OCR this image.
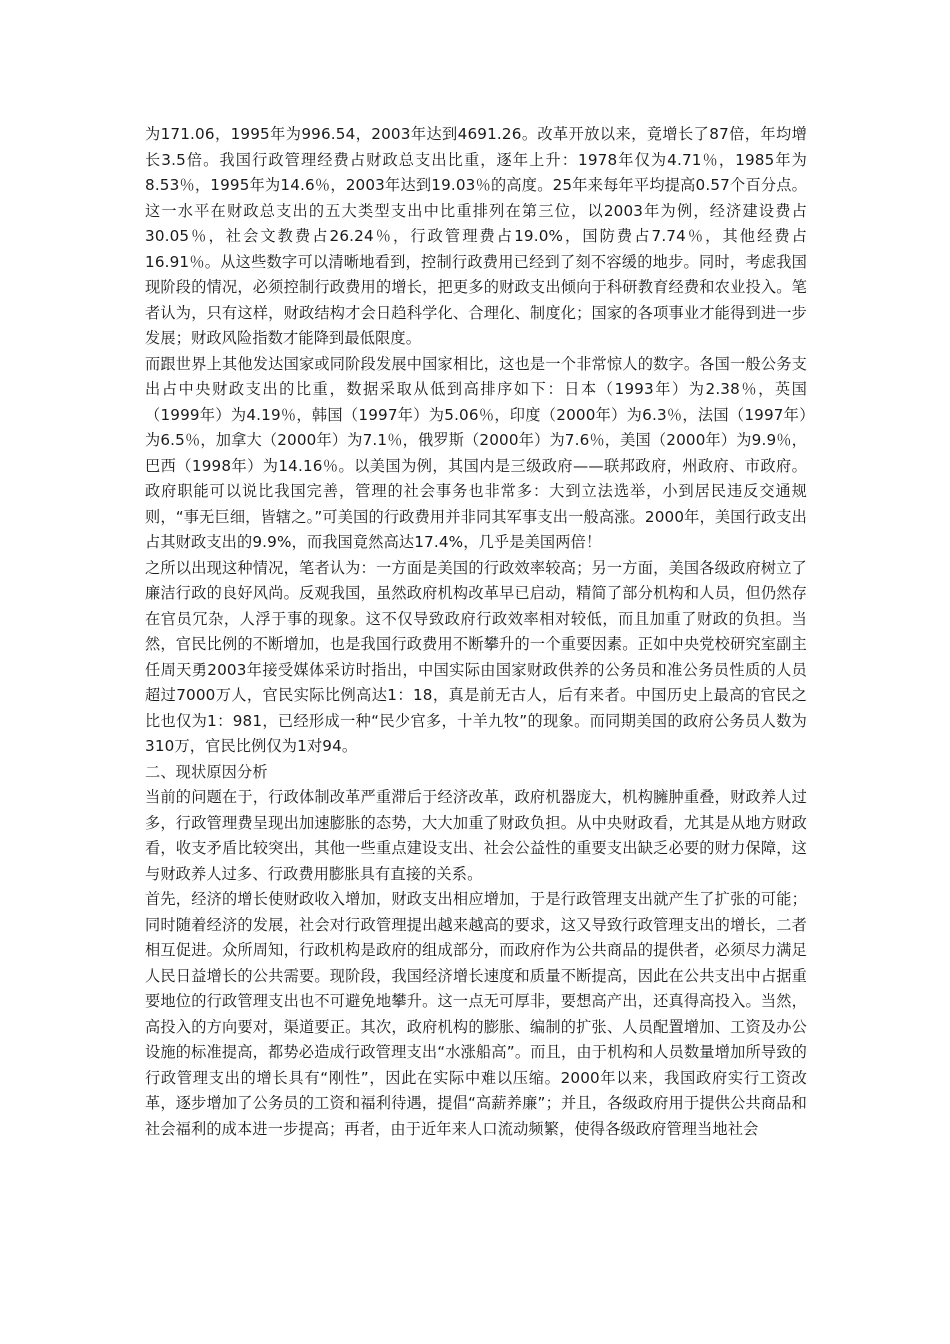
为171.06，1995年为996.54，2003年达到4691.26。改革开放以来，竟增长了87倍，年均增长3.5倍。我国行政管理经费占财政总支出比重，逐年上升：1978年仅为4.71％，1985年为8.53％，1995年为14.6％，2003年达到19.03％的高度。25年来每年平均提高0.57个百分点。这一水平在财政总支出的五大类型支出中比重排列在第三位，以2003年为例，经济建设费占30.05％，社会文教费占26.24％，行政管理费占19.0%，国防费占7.74％，其他经费占16.91％。从这些数字可以清晰地看到，控制行政费用已经到了刻不容缓的地步。同时，考虑我国现阶段的情况，必须控制行政费用的增长，把更多的财政支出倾向于科研教育经费和农业投入。笔者认为，只有这样，财政结构才会日趋科学化、合理化、制度化；国家的各项事业才能得到进一步发展；财政风险指数才能降到最低限度。

而跟世界上其他发达国家或同阶段发展中国家相比，这也是一个非常惊人的数字。各国一般公务支出占中央财政支出的比重，数据采取从低到高排序如下：日本（1993年）为2.38％，英国（1999年）为4.19％，韩国（1997年）为5.06％，印度（2000年）为6.3％，法国（1997年）为6.5％，加拿大（2000年）为7.1％，俄罗斯（2000年）为7.6％，美国（2000年）为9.9％，巴西（1998年）为14.16％。以美国为例，其国内是三级政府——联邦政府，州政府、市政府。政府职能可以说比我国完善，管理的社会事务也非常多：大到立法选举，小到居民违反交通规则，“事无巨细，皆辖之。”可美国的行政费用并非同其军事支出一般高涨。2000年，美国行政支出占其财政支出的9.9%，而我国竟然高达17.4%，几乎是美国两倍！

之所以出现这种情况，笔者认为：一方面是美国的行政效率较高；另一方面，美国各级政府树立了廉洁行政的良好风尚。反观我国，虽然政府机构改革早已启动，精简了部分机构和人员，但仍然存在官员冗杂，人浮于事的现象。这不仅导致政府行政效率相对较低，而且加重了财政的负担。当然，官民比例的不断增加，也是我国行政费用不断攀升的一个重要因素。正如中央党校研究室副主任周天勇2003年接受媒体采访时指出，中国实际由国家财政供养的公务员和准公务员性质的人员超过7000万人，官民实际比例高达1：18，真是前无古人，后有来者。中国历史上最高的官民之比也仅为1：981，已经形成一种“民少官多，十羊九牧”的现象。而同期美国的政府公务员人数为310万，官民比例仅为1对94。

二、现状原因分析

当前的问题在于，行政体制改革严重滞后于经济改革，政府机器庞大，机构臃肿重叠，财政养人过多，行政管理费呈现出加速膨胀的态势，大大加重了财政负担。从中央财政看，尤其是从地方财政看，收支矛盾比较突出，其他一些重点建设支出、社会公益性的重要支出缺乏必要的财力保障，这与财政养人过多、行政费用膨胀具有直接的关系。

首先，经济的增长使财政收入增加，财政支出相应增加，于是行政管理支出就产生了扩张的可能；同时随着经济的发展，社会对行政管理提出越来越高的要求，这又导致行政管理支出的增长，二者相互促进。众所周知，行政机构是政府的组成部分，而政府作为公共商品的提供者，必须尽力满足人民日益增长的公共需要。现阶段，我国经济增长速度和质量不断提高，因此在公共支出中占据重要地位的行政管理支出也不可避免地攀升。这一点无可厚非，要想高产出，还真得高投入。当然，高投入的方向要对，渠道要正。其次，政府机构的膨胀、编制的扩张、人员配置增加、工资及办公设施的标准提高，都势必造成行政管理支出“水涨船高”。而且，由于机构和人员数量增加所导致的行政管理支出的增长具有“刚性”，因此在实际中难以压缩。2000年以来，我国政府实行工资改革，逐步增加了公务员的工资和福利待遇，提倡“高薪养廉”；并且，各级政府用于提供公共商品和社会福利的成本进一步提高；再者，由于近年来人口流动频繁，使得各级政府管理当地社会
